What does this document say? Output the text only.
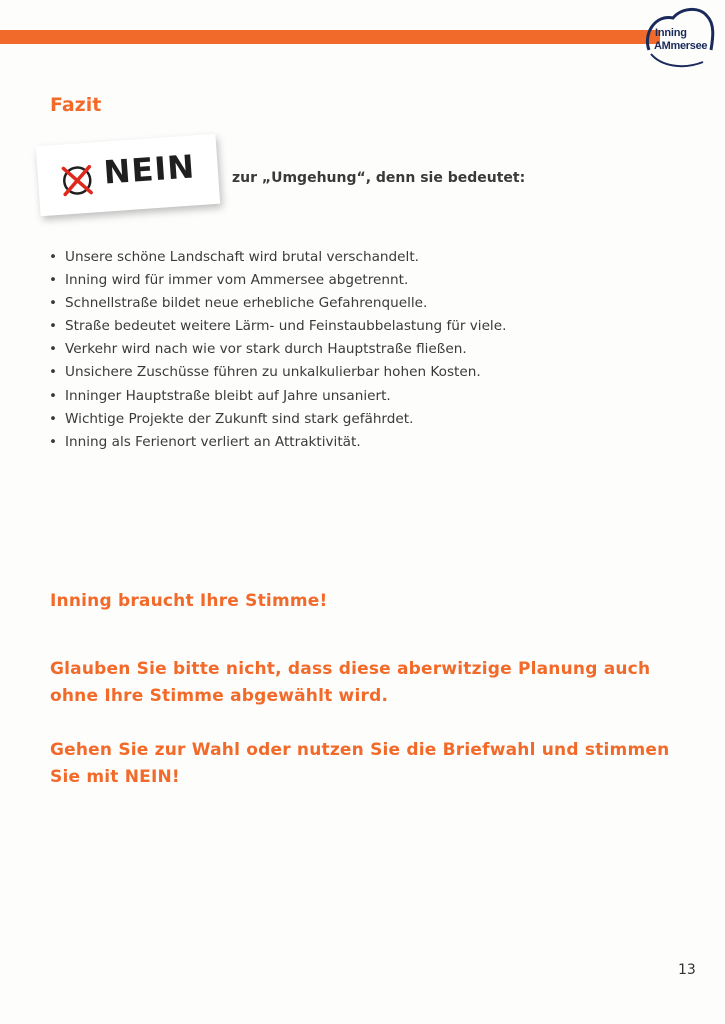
Inning
AMmersee
Fazit
NEIN	zur „Umgehung“, denn sie bedeutet:
• Unsere schöne Landschaft wird brutal verschandelt.
• Inning wird für immer vom Ammersee abgetrennt.
• Schnellstraße bildet neue erhebliche Gefahrenquelle.
• Straße bedeutet weitere Lärm- und Feinstaubbelastung für viele.
• Verkehr wird nach wie vor stark durch Hauptstraße fließen.
• Unsichere Zuschüsse führen zu unkalkulierbar hohen Kosten.
• Inninger Hauptstraße bleibt auf Jahre unsaniert.
• Wichtige Projekte der Zukunft sind stark gefährdet.
• Inning als Ferienort verliert an Attraktivität.
Inning braucht Ihre Stimme!
Glauben Sie bitte nicht, dass diese aberwitzige Planung auch ohne Ihre Stimme abgewählt wird.
Gehen Sie zur Wahl oder nutzen Sie die Briefwahl und stimmen Sie mit NEIN!
13
